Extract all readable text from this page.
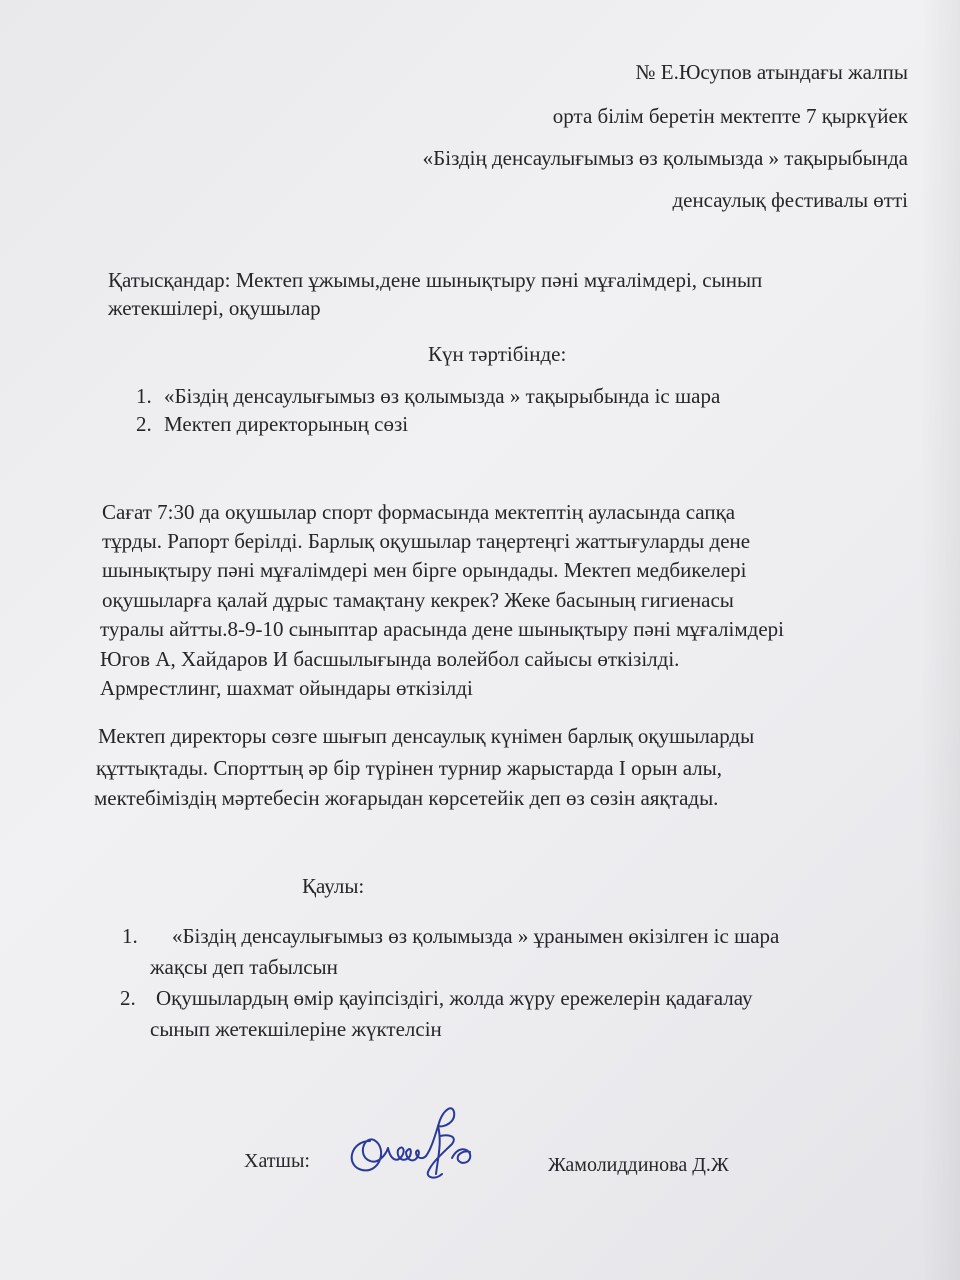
№ Е.Юсупов атындағы жалпы
орта білім беретін мектепте 7 қыркүйек
«Біздің денсаулығымыз өз қолымызда » тақырыбында
денсаулық фестивалы өтті
Қатысқандар: Мектеп ұжымы,дене шынықтыру пәні мұғалімдері, сынып
жетекшілері, оқушылар
Күн тәртібінде:
1. «Біздің денсаулығымыз өз қолымызда » тақырыбында іс шара
2. Мектеп директорының сөзі
Сағат 7:30 да оқушылар спорт формасында мектептің ауласында сапқа
тұрды. Рапорт берілді. Барлық оқушылар таңертеңгі жаттығуларды дене
шынықтыру пәні мұғалімдері мен бірге орындады. Мектеп медбикелері
оқушыларға қалай дұрыс тамақтану кекрек? Жеке басының гигиенасы
туралы айтты.8-9-10 сыныптар арасында дене шынықтыру пәні мұғалімдері
Югов А, Хайдаров И басшылығында волейбол сайысы өткізілді.
Армрестлинг, шахмат ойындары өткізілді
Мектеп директоры сөзге шығып денсаулық күнімен барлық оқушыларды
құттықтады. Спорттың әр бір түрінен турнир жарыстарда І орын алы,
мектебіміздің мәртебесін жоғарыдан көрсетейік деп өз сөзін аяқтады.
Қаулы:
1. «Біздің денсаулығымыз өз қолымызда » ұранымен өкізілген іс шара
жақсы деп табылсын
2. Оқушылардың өмір қауіпсіздігі, жолда жүру ережелерін қадағалау
сынып жетекшілеріне жүктелсін
Хатшы:	Жамолиддинова Д.Ж
